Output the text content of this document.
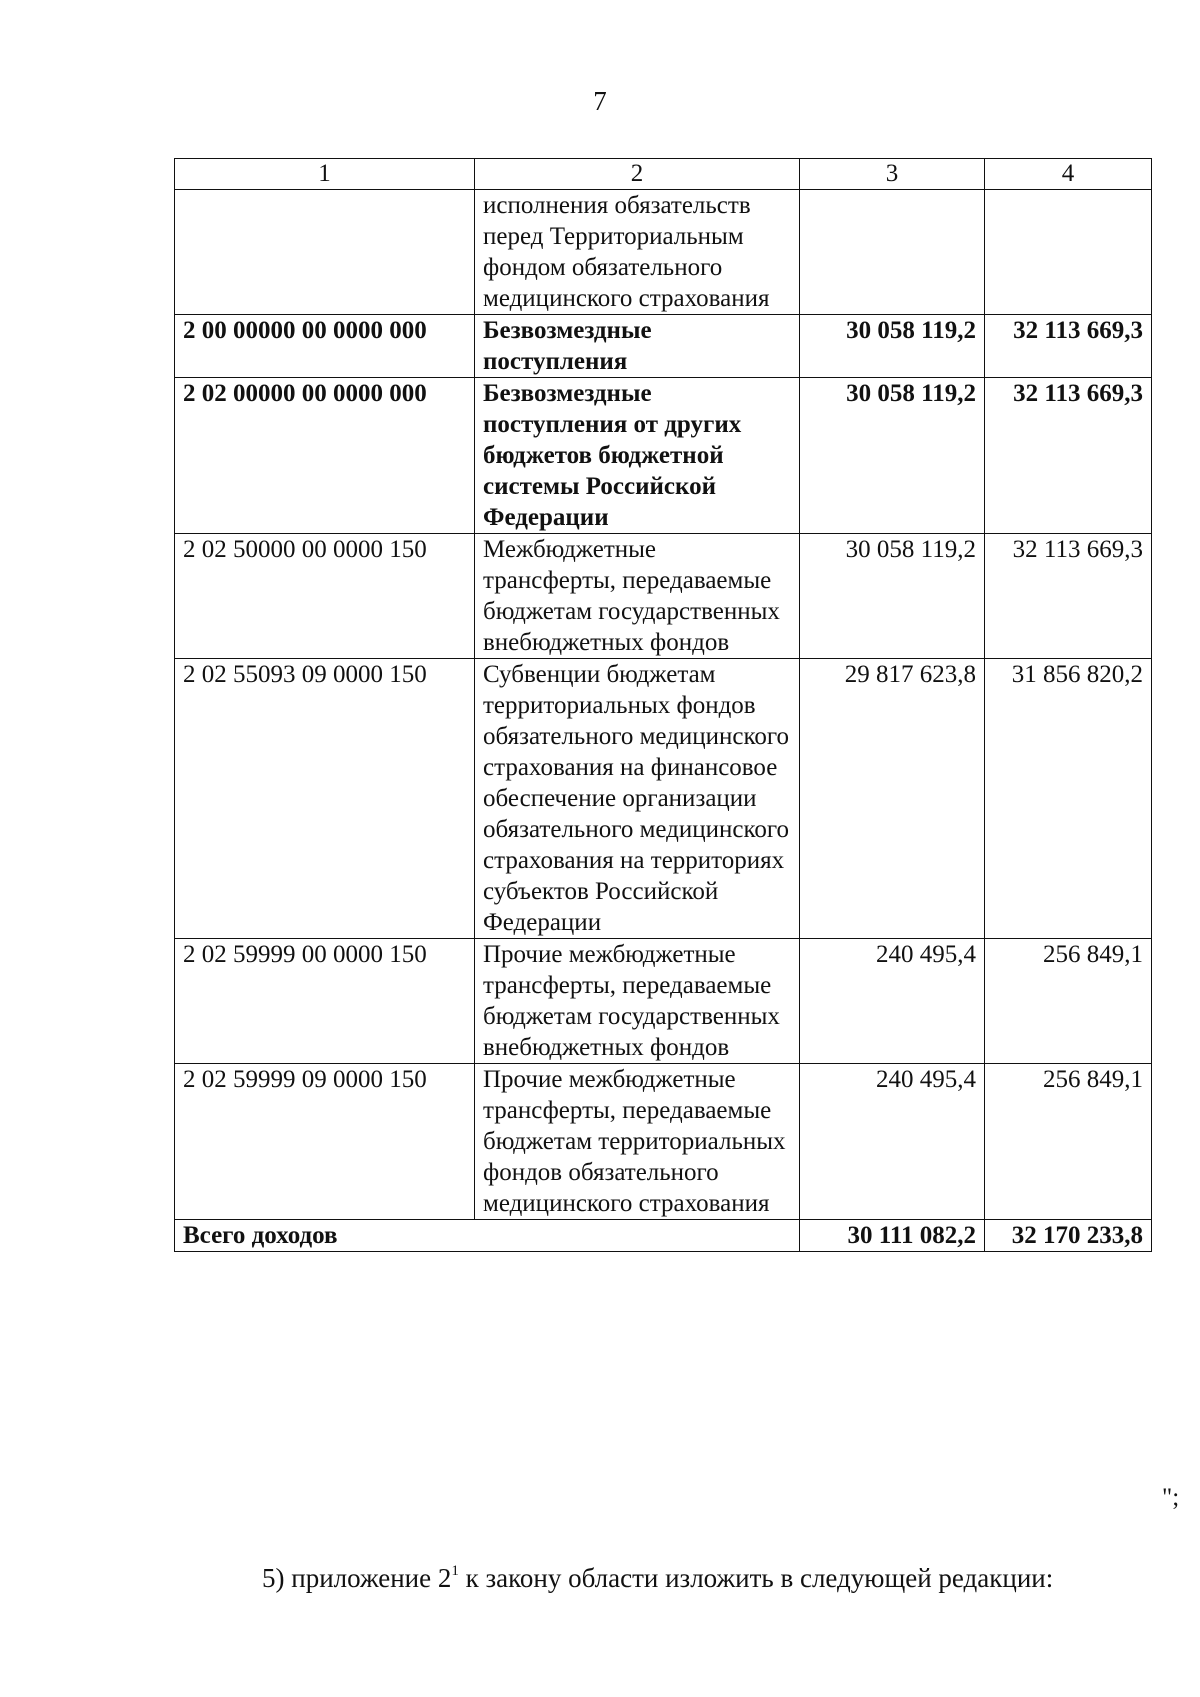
7
1	2	3	4
	исполнения обязательств перед Территориальным фондом обязательного медицинского страхования		
2 00 00000 00 0000 000	Безвозмездные поступления	30 058 119,2	32 113 669,3
2 02 00000 00 0000 000	Безвозмездные поступления от других бюджетов бюджетной системы Российской Федерации	30 058 119,2	32 113 669,3
2 02 50000 00 0000 150	Межбюджетные трансферты, передаваемые бюджетам государственных внебюджетных фондов	30 058 119,2	32 113 669,3
2 02 55093 09 0000 150	Субвенции бюджетам территориальных фондов обязательного медицинского страхования на финансовое обеспечение организации обязательного медицинского страхования на территориях субъектов Российской Федерации	29 817 623,8	31 856 820,2
2 02 59999 00 0000 150	Прочие межбюджетные трансферты, передаваемые бюджетам государственных внебюджетных фондов	240 495,4	256 849,1
2 02 59999 09 0000 150	Прочие межбюджетные трансферты, передаваемые бюджетам территориальных фондов обязательного медицинского страхования	240 495,4	256 849,1
Всего доходов		30 111 082,2	32 170 233,8
";
5) приложение $2^1$ к закону области изложить в следующей редакции:
